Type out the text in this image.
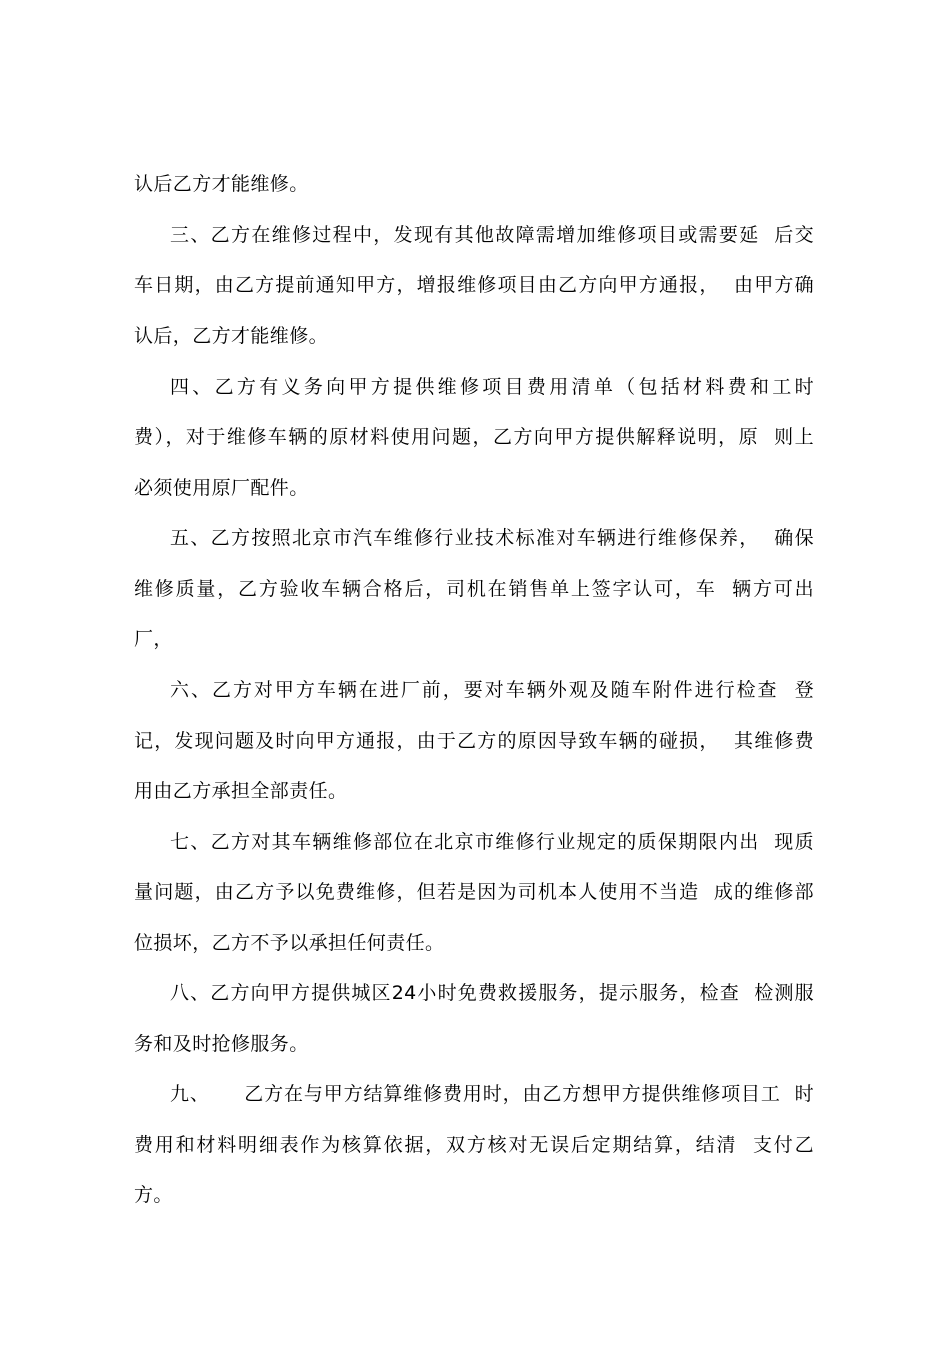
认后乙方才能维修。
三、乙方在维修过程中，发现有其他故障需增加维修项目或需要延  后交
车日期，由乙方提前通知甲方，增报维修项目由乙方向甲方通报，  由甲方确
认后，乙方才能维修。
四、乙方有义务向甲方提供维修项目费用清单（包括材料费和工时
费），对于维修车辆的原材料使用问题，乙方向甲方提供解释说明，原  则上
必须使用原厂配件。
五、乙方按照北京市汽车维修行业技术标准对车辆进行维修保养，  确保
维修质量，乙方验收车辆合格后，司机在销售单上签字认可，车  辆方可出
厂，
六、乙方对甲方车辆在进厂前，要对车辆外观及随车附件进行检查  登
记，发现问题及时向甲方通报，由于乙方的原因导致车辆的碰损，  其维修费
用由乙方承担全部责任。
七、乙方对其车辆维修部位在北京市维修行业规定的质保期限内出  现质
量问题，由乙方予以免费维修，但若是因为司机本人使用不当造  成的维修部
位损坏，乙方不予以承担任何责任。
八、乙方向甲方提供城区24小时免费救援服务，提示服务，检查  检测服
务和及时抢修服务。
九、     乙方在与甲方结算维修费用时，由乙方想甲方提供维修项目工  时
费用和材料明细表作为核算依据，双方核对无误后定期结算，结清  支付乙
方。
